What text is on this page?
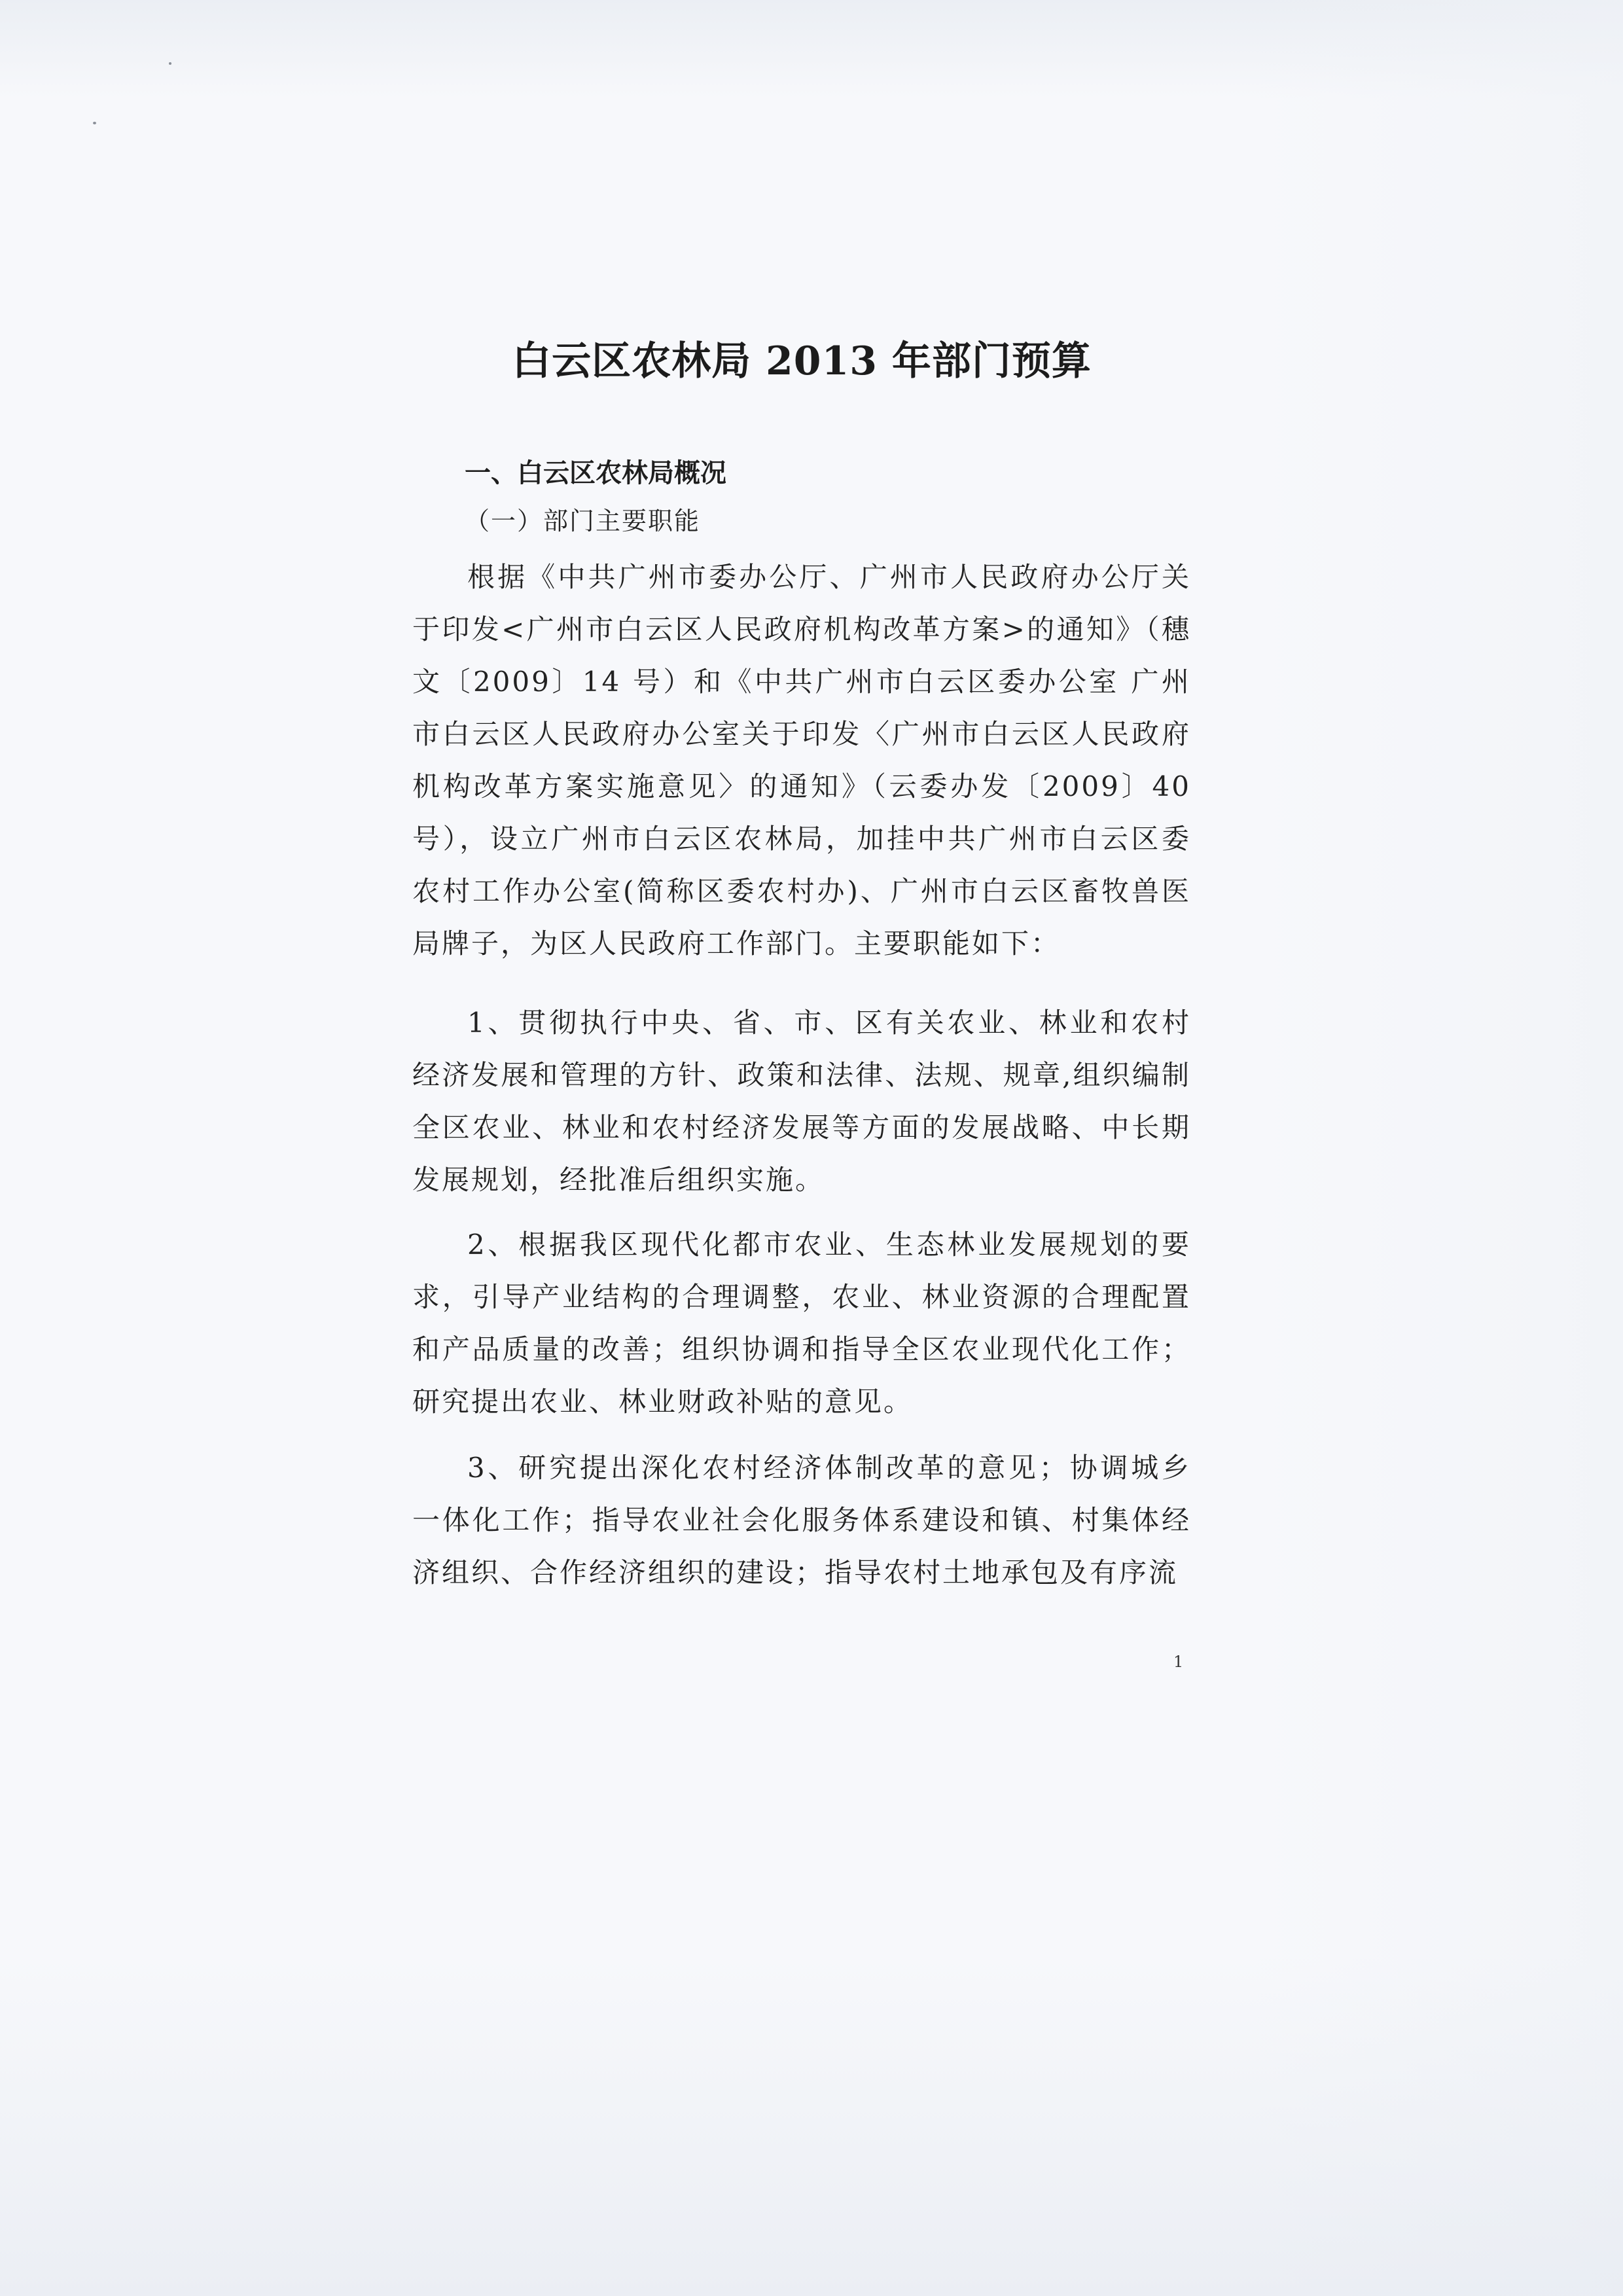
白云区农林局 2013 年部门预算
一、白云区农林局概况
（一）部门主要职能

根据《中共广州市委办公厅、广州市人民政府办公厅关于印发<广州市白云区人民政府机构改革方案>的通知》（穗文〔2009〕14 号）和《中共广州市白云区委办公室 广州市白云区人民政府办公室关于印发〈广州市白云区人民政府机构改革方案实施意见〉的通知》（云委办发〔2009〕40 号），设立广州市白云区农林局，加挂中共广州市白云区委农村工作办公室(简称区委农村办)、广州市白云区畜牧兽医局牌子，为区人民政府工作部门。主要职能如下：

1、贯彻执行中央、省、市、区有关农业、林业和农村经济发展和管理的方针、政策和法律、法规、规章,组织编制全区农业、林业和农村经济发展等方面的发展战略、中长期发展规划，经批准后组织实施。

2、根据我区现代化都市农业、生态林业发展规划的要求，引导产业结构的合理调整，农业、林业资源的合理配置和产品质量的改善；组织协调和指导全区农业现代化工作；研究提出农业、林业财政补贴的意见。

3、研究提出深化农村经济体制改革的意见；协调城乡一体化工作；指导农业社会化服务体系建设和镇、村集体经济组织、合作经济组织的建设；指导农村土地承包及有序流

1
